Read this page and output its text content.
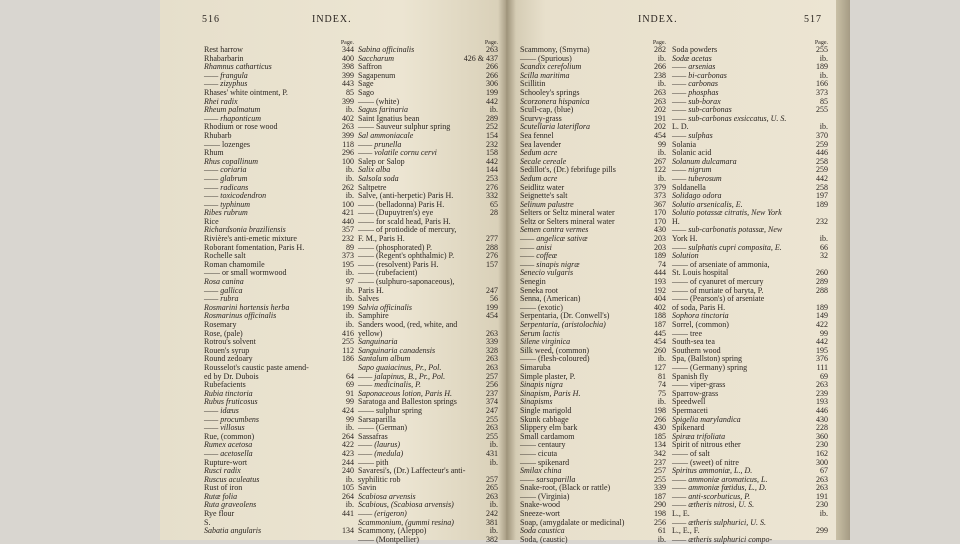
516	INDEX.
Page.
Rest harrow	344
Rhabarbarin	400
Rhamnus catharticus	398
—— frangula	399
—— zizyphus	443
Rhases' white ointment, P.	85
Rhei radix	399
Rheum palmatum	ib.
—— rhaponticum	402
Rhodium or rose wood	263
Rhubarb	399
—— lozenges	118
Rhum	296
Rhus copallinum	100
—— coriaria	ib.
—— glabrum	ib.
—— radicans	262
—— toxicodendron	ib.
—— typhinum	100
Ribes rubrum	421
Rice	440
Richardsonia braziliensis	357
Rivière's anti-emetic mixture	232
Roborant fomentation, Paris H.	89
Rochelle salt	373
Roman chamomile	195
—— or small wormwood	ib.
Rosa canina	97
—— gallica	ib.
—— rubra	ib.
Rosmarini hortensis herba	199
Rosmarinus officinalis	ib.
Rosemary	ib.
Rose, (pale)	416
Rotrou's solvent	255
Rouen's syrup	112
Round zedoary	186
Rousselot's caustic paste amend-
ed by Dr. Dubois	64
Rubefacients	69
Rubia tinctoria	91
Rubus fruticosus	99
—— idæus	424
—— procumbens	99
—— villosus	ib.
Rue, (common)	264
Rumex acetosa	422
—— acetosella	423
Rupture-wort	244
Rusci radix	240
Ruscus aculeatus	ib.
Rust of iron	105
Rutæ folia	264
Ruta graveolens	ib.
Rye flour	441
S.
Sabatia angularis	134
Page.
Sabina officinalis	263
Saccharum	426 & 437
Saffron	266
Sagapenum	266
Sage	306
Sago	199
—— (white)	442
Sagus farinaria	ib.
Saint Ignatius bean	289
—— Sauveur sulphur spring	252
Sal ammoniacale	154
—— prunella	232
—— volatile cornu cervi	158
Salep or Salop	442
Salix alba	144
Salsola soda	253
Saltpetre	276
Salve, (anti-herpetic) Paris H.	332
—— (belladonna) Paris H.	65
—— (Dupuytren's) eye	28
—— for scald head, Paris H.
—— of protiodide of mercury,
F. M., Paris H.	277
—— (phosphorated) P.	288
—— (Regent's ophthalmic) P.	276
—— (resolvent) Paris H.	157
—— (rubefacient)
—— (sulphuro-saponaceous),
Paris H.	247
Salves	56
Salvia officinalis	199
Samphire	454
Sanders wood, (red, white, and
yellow)	263
Sanguinaria	339
Sanguinaria canadensis	328
Santalum album	263
Sapo guaiacinus, Pr., Pol.	263
—— jalapinus, B., Pr., Pol.	257
—— medicinalis, P.	256
Saponaceous lotion, Paris H.	237
Saratoga and Balleston springs	374
—— sulphur spring	247
Sarsaparilla	255
—— (German)	263
Sassafras	255
—— (laurus)	ib.
—— (medula)	431
—— pith	ib.
Savaresi's, (Dr.) Laffecteur's anti-
syphilitic rob	257
Savin	265
Scabiosa arvensis	263
Scabious, (Scabiosa arvensis)	ib.
—— (erigeron)	242
Scammonium, (gummi resina)	381
Scammony, (Aleppo)	ib.
—— (Montpellier)	382
INDEX.	517
Page.
Scammony, (Smyrna)	282
—— (Spurious)	ib.
Scandix cerefolium	266
Scilla maritima	238
Scillitin	ib.
Schooley's springs	263
Scorzonera hispanica	263
Scull-cap, (blue)	202
Scurvy-grass	191
Scutellaria lateriflora	202
Sea fennel	454
Sea lavender	99
Sedum acre	ib.
Secale cereale	267
Sedillot's, (Dr.) febrifuge pills	122
Sedum acre	ib.
Seidlitz water	379
Seignette's salt	373
Selinum palustre	367
Selters or Seltz mineral water	170
Seltz or Selters mineral water	170
Semen contra vermes	430
—— angelicæ sativæ	203
—— anisi	203
—— coffeæ	189
—— sinapis nigræ	74
Senecio vulgaris	444
Senegin	193
Seneka root	192
Senna, (American)	404
—— (exotic)	402
Serpentaria, (Dr. Conwell's)	188
Serpentaria, (aristolochia)	187
Serum lactis	445
Silene virginica	454
Silk weed, (common)	260
—— (flesh-coloured)	ib.
Simaruba	127
Simple plaster, P.	81
Sinapis nigra	74
Sinapism, Paris H.	75
Sinapisms	ib.
Single marigold	198
Skunk cabbage	266
Slippery elm bark	430
Small cardamom	185
—— centaury	134
—— cicuta	342
—— spikenard	237
Smilax china	257
—— sarsaparilla	255
Snake-root, (Black or rattle)	339
—— (Virginia)	187
Snake-wood	290
Sneeze-wort	198
Soap, (amygdalate or medicinal)	256
Soda caustica	61
Soda, (caustic)	ib.
Page.
Soda powders	255
Sodæ acetas	ib.
—— arsenias	189
—— bi-carbonas	ib.
—— carbonas	166
—— phosphas	373
—— sub-borax	85
—— sub-carbonas	255
—— sub-carbonas exsiccatus, U. S.
L. D.	ib.
—— sulphas	370
Solania	259
Solanic acid	446
Solanum dulcamara	258
—— nigrum	259
—— tuberosum	442
Soldanella	258
Solidago odora	197
Solutio arsenicalis, E.	189
Solutio potassæ citratis, New York
H.	232
—— sub-carbonatis potassæ, New
York H.	ib.
—— sulphatis cupri composita, E.	66
Solution	32
—— of arseniate of ammonia,
St. Louis hospital	260
—— of cyanuret of mercury	289
—— of muriate of baryta, P.	288
—— (Pearson's) of arseniate
of soda, Paris H.	189
Sophora tinctoria	149
Sorrel, (common)	422
—— tree	99
South-sea tea	442
Southern wood	195
Spa, (Ballston) spring	376
—— (Germany) spring	111
Spanish fly	69
—— viper-grass	263
Sparrow-grass	239
Speedwell	193
Spermaceti	446
Spigelia marylandica	430
Spikenard	228
Spiræa trifoliata	360
Spirit of nitrous ether	230
—— of salt	162
—— (sweet) of nitre	300
Spiritus ammoniæ, L., D.	67
—— ammoniæ aromaticus, L.	263
—— ammoniæ fœtidus, L., D.	263
—— anti-scorbuticus, P.	191
—— ætheris nitrosi, U. S.	230
L., E.	ib.
—— ætheris sulphurici, U. S.
L., E., F.	299
—— ætheris sulphurici compo-
